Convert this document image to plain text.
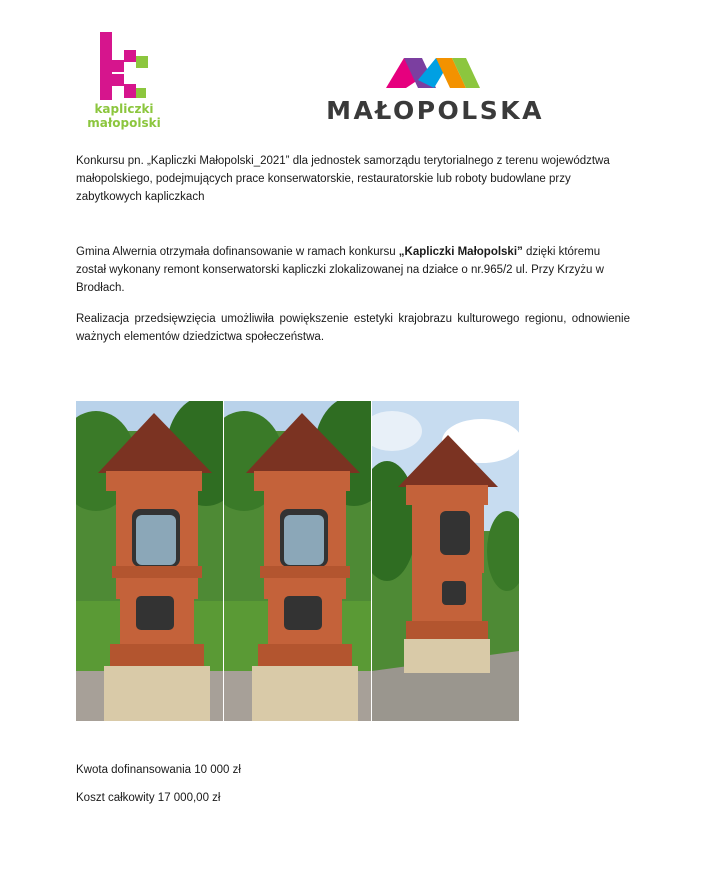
kapliczki
małopolski	MAŁOPOLSKA

Konkursu pn. „Kapliczki Małopolski_2021” dla jednostek samorządu terytorialnego z terenu województwa małopolskiego, podejmujących prace konserwatorskie, restauratorskie lub roboty budowlane przy zabytkowych kapliczkach

Gmina Alwernia otrzymała dofinansowanie w ramach konkursu „Kapliczki Małopolski” dzięki któremu został wykonany remont konserwatorski kapliczki zlokalizowanej na działce o nr.965/2 ul. Przy Krzyżu w Brodłach.

Realizacja przedsięwzięcia umożliwiła powiększenie estetyki krajobrazu kulturowego regionu, odnowienie ważnych elementów dziedzictwa społeczeństwa.

Kwota dofinansowania 10 000 zł
Koszt całkowity 17 000,00 zł
